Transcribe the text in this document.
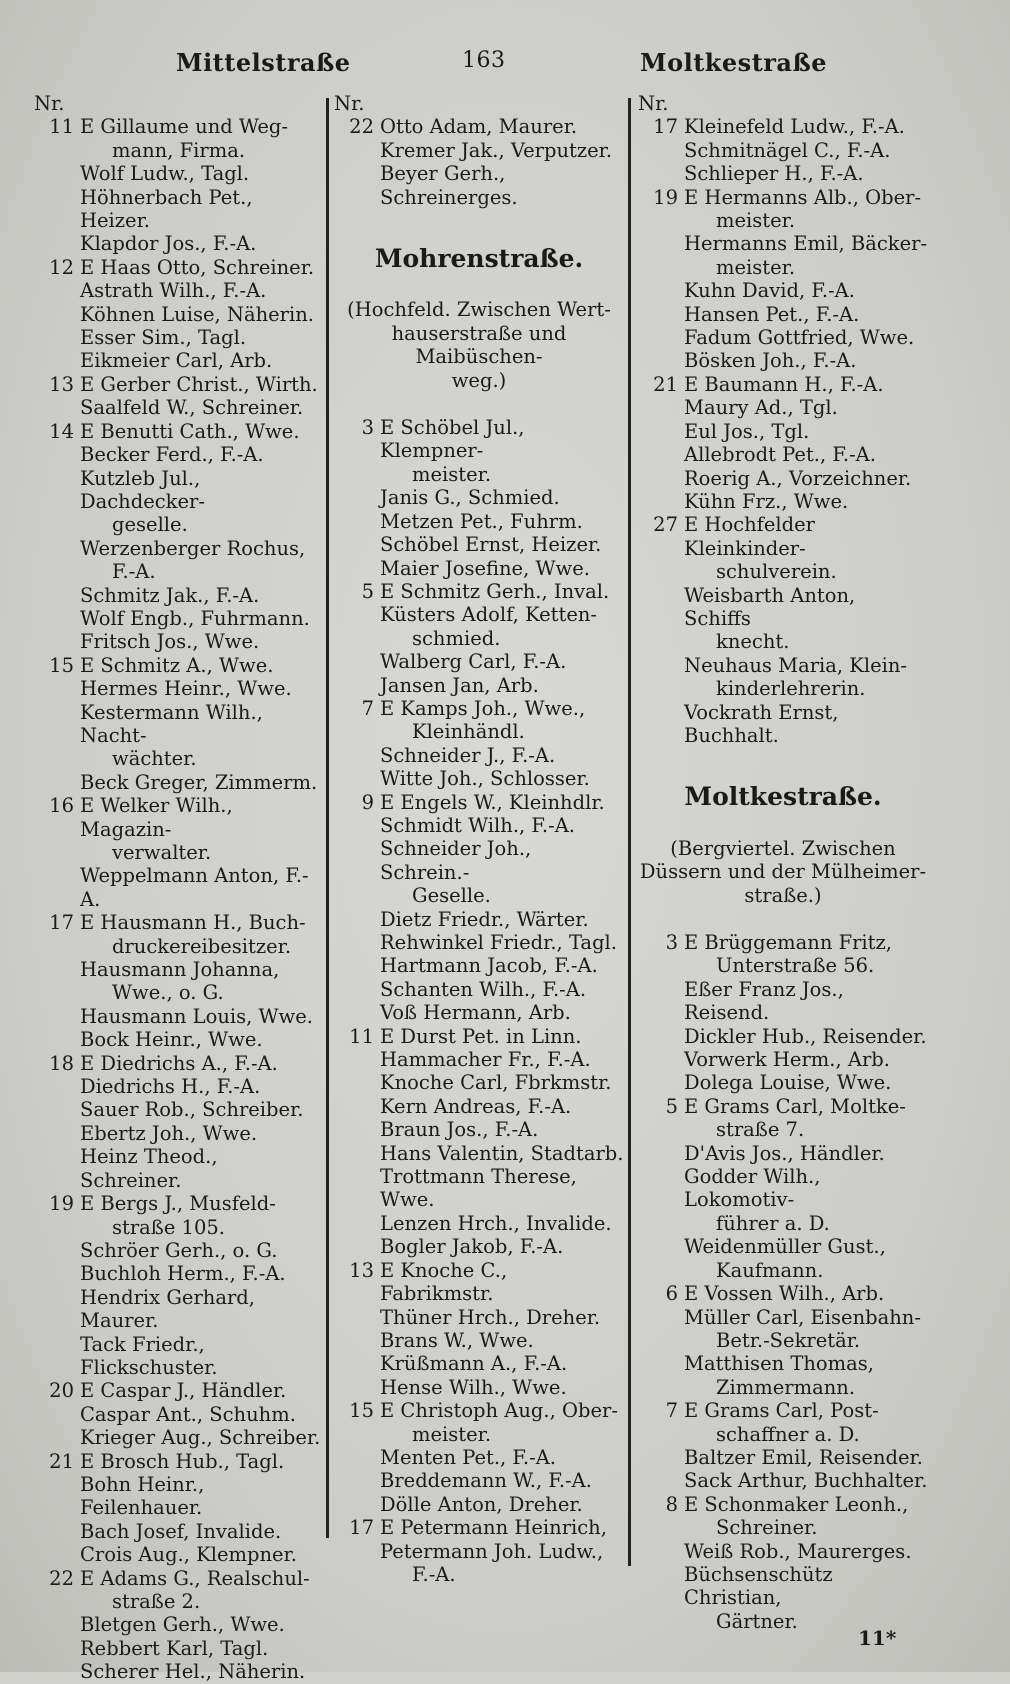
Mittelstraße	163	Moltkestraße
Nr.
11 E Gillaume und Weg-
mann, Firma.
Wolf Ludw., Tagl.
Höhnerbach Pet., Heizer.
Klapdor Jos., F.-A.
12 E Haas Otto, Schreiner.
Astrath Wilh., F.-A.
Köhnen Luise, Näherin.
Esser Sim., Tagl.
Eikmeier Carl, Arb.
13 E Gerber Christ., Wirth.
Saalfeld W., Schreiner.
14 E Benutti Cath., Wwe.
Becker Ferd., F.-A.
Kutzleb Jul., Dachdecker-
geselle.
Werzenberger Rochus,
F.-A.
Schmitz Jak., F.-A.
Wolf Engb., Fuhrmann.
Fritsch Jos., Wwe.
15 E Schmitz A., Wwe.
Hermes Heinr., Wwe.
Kestermann Wilh., Nacht-
wächter.
Beck Greger, Zimmerm.
16 E Welker Wilh., Magazin-
verwalter.
Weppelmann Anton, F.-A.
17 E Hausmann H., Buch-
druckereibesitzer.
Hausmann Johanna,
Wwe., o. G.
Hausmann Louis, Wwe.
Bock Heinr., Wwe.
18 E Diedrichs A., F.-A.
Diedrichs H., F.-A.
Sauer Rob., Schreiber.
Ebertz Joh., Wwe.
Heinz Theod., Schreiner.
19 E Bergs J., Musfeld-
straße 105.
Schröer Gerh., o. G.
Buchloh Herm., F.-A.
Hendrix Gerhard, Maurer.
Tack Friedr., Flickschuster.
20 E Caspar J., Händler.
Caspar Ant., Schuhm.
Krieger Aug., Schreiber.
21 E Brosch Hub., Tagl.
Bohn Heinr., Feilenhauer.
Bach Josef, Invalide.
Crois Aug., Klempner.
22 E Adams G., Realschul-
straße 2.
Bletgen Gerh., Wwe.
Rebbert Karl, Tagl.
Scherer Hel., Näherin.
Nr.
22 Otto Adam, Maurer.
Kremer Jak., Verputzer.
Beyer Gerh., Schreinerges.
Mohrenstraße.
(Hochfeld. Zwischen Wert-
hauserstraße und Maibüschen-
weg.)
3 E Schöbel Jul., Klempner-
meister.
Janis G., Schmied.
Metzen Pet., Fuhrm.
Schöbel Ernst, Heizer.
Maier Josefine, Wwe.
5 E Schmitz Gerh., Inval.
Küsters Adolf, Ketten-
schmied.
Walberg Carl, F.-A.
Jansen Jan, Arb.
7 E Kamps Joh., Wwe.,
Kleinhändl.
Schneider J., F.-A.
Witte Joh., Schlosser.
9 E Engels W., Kleinhdlr.
Schmidt Wilh., F.-A.
Schneider Joh., Schrein.-
Geselle.
Dietz Friedr., Wärter.
Rehwinkel Friedr., Tagl.
Hartmann Jacob, F.-A.
Schanten Wilh., F.-A.
Voß Hermann, Arb.
11 E Durst Pet. in Linn.
Hammacher Fr., F.-A.
Knoche Carl, Fbrkmstr.
Kern Andreas, F.-A.
Braun Jos., F.-A.
Hans Valentin, Stadtarb.
Trottmann Therese, Wwe.
Lenzen Hrch., Invalide.
Bogler Jakob, F.-A.
13 E Knoche C., Fabrikmstr.
Thüner Hrch., Dreher.
Brans W., Wwe.
Krüßmann A., F.-A.
Hense Wilh., Wwe.
15 E Christoph Aug., Ober-
meister.
Menten Pet., F.-A.
Breddemann W., F.-A.
Dölle Anton, Dreher.
17 E Petermann Heinrich,
Petermann Joh. Ludw.,
F.-A.
Nr.
17 Kleinefeld Ludw., F.-A.
Schmitnägel C., F.-A.
Schlieper H., F.-A.
19 E Hermanns Alb., Ober-
meister.
Hermanns Emil, Bäcker-
meister.
Kuhn David, F.-A.
Hansen Pet., F.-A.
Fadum Gottfried, Wwe.
Bösken Joh., F.-A.
21 E Baumann H., F.-A.
Maury Ad., Tgl.
Eul Jos., Tgl.
Allebrodt Pet., F.-A.
Roerig A., Vorzeichner.
Kühn Frz., Wwe.
27 E Hochfelder Kleinkinder-
schulverein.
Weisbarth Anton, Schiffs
knecht.
Neuhaus Maria, Klein-
kinderlehrerin.
Vockrath Ernst, Buchhalt.
Moltkestraße.
(Bergviertel. Zwischen
Düssern und der Mülheimer-
straße.)
3 E Brüggemann Fritz,
Unterstraße 56.
Eßer Franz Jos., Reisend.
Dickler Hub., Reisender.
Vorwerk Herm., Arb.
Dolega Louise, Wwe.
5 E Grams Carl, Moltke-
straße 7.
D'Avis Jos., Händler.
Godder Wilh., Lokomotiv-
führer a. D.
Weidenmüller Gust.,
Kaufmann.
6 E Vossen Wilh., Arb.
Müller Carl, Eisenbahn-
Betr.-Sekretär.
Matthisen Thomas,
Zimmermann.
7 E Grams Carl, Post-
schaffner a. D.
Baltzer Emil, Reisender.
Sack Arthur, Buchhalter.
8 E Schonmaker Leonh.,
Schreiner.
Weiß Rob., Maurerges.
Büchsenschütz Christian,
Gärtner.
11*
